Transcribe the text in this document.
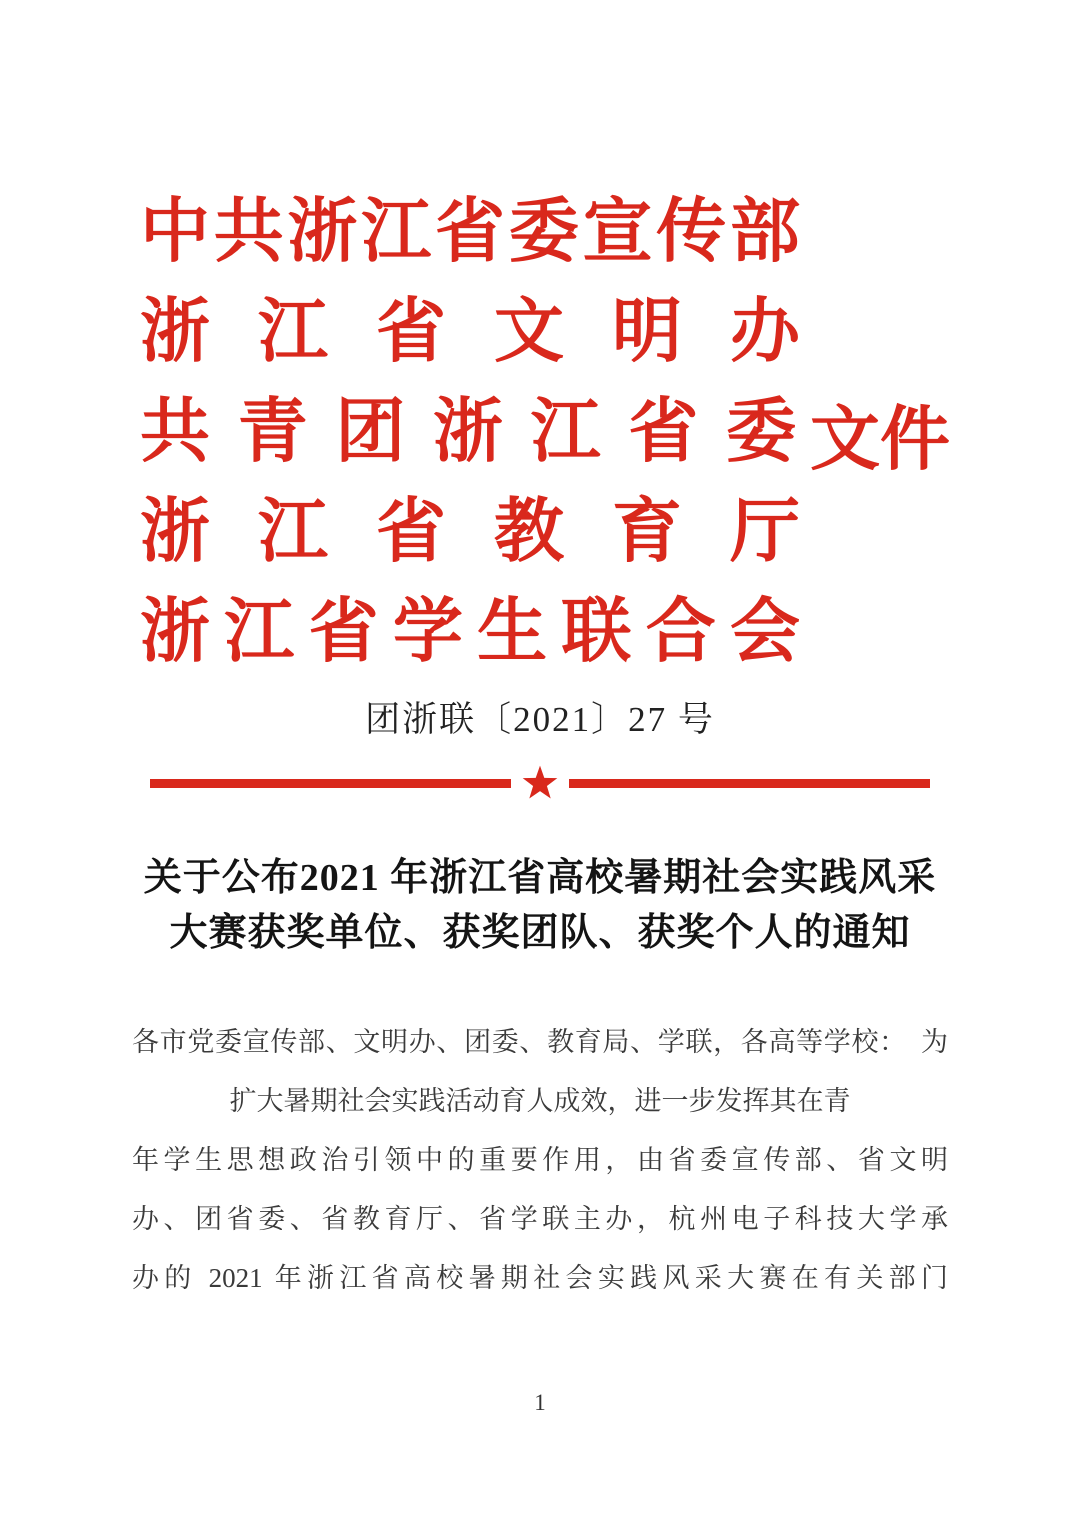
中共浙江省委宣传部
浙江省文明办
共青团浙江省委 文件
浙江省教育厅
浙江省学生联合会
团浙联〔2021〕27 号
关于公布2021 年浙江省高校暑期社会实践风采
大赛获奖单位、获奖团队、获奖个人的通知

各市党委宣传部、文明办、团委、教育局、学联，各高等学校：　为

扩大暑期社会实践活动育人成效，进一步发挥其在青

年学生思想政治引领中的重要作用，由省委宣传部、省文明

办、团省委、省教育厅、省学联主办，杭州电子科技大学承

办的 2021 年浙江省高校暑期社会实践风采大赛在有关部门

1
